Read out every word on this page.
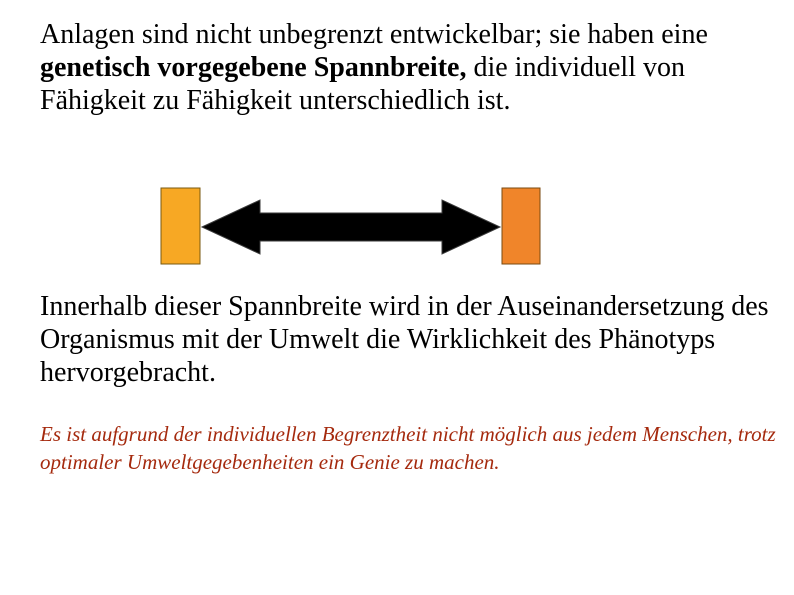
Anlagen sind nicht unbegrenzt entwickelbar; sie haben eine genetisch vorgegebene Spannbreite, die individuell von Fähigkeit zu Fähigkeit unterschiedlich ist.

Innerhalb dieser Spannbreite wird in der Auseinandersetzung des Organismus mit der Umwelt die Wirklichkeit des Phänotyps hervorgebracht.

Es ist aufgrund der individuellen Begrenztheit nicht möglich aus jedem Menschen, trotz optimaler Umweltgegebenheiten ein Genie zu machen.
